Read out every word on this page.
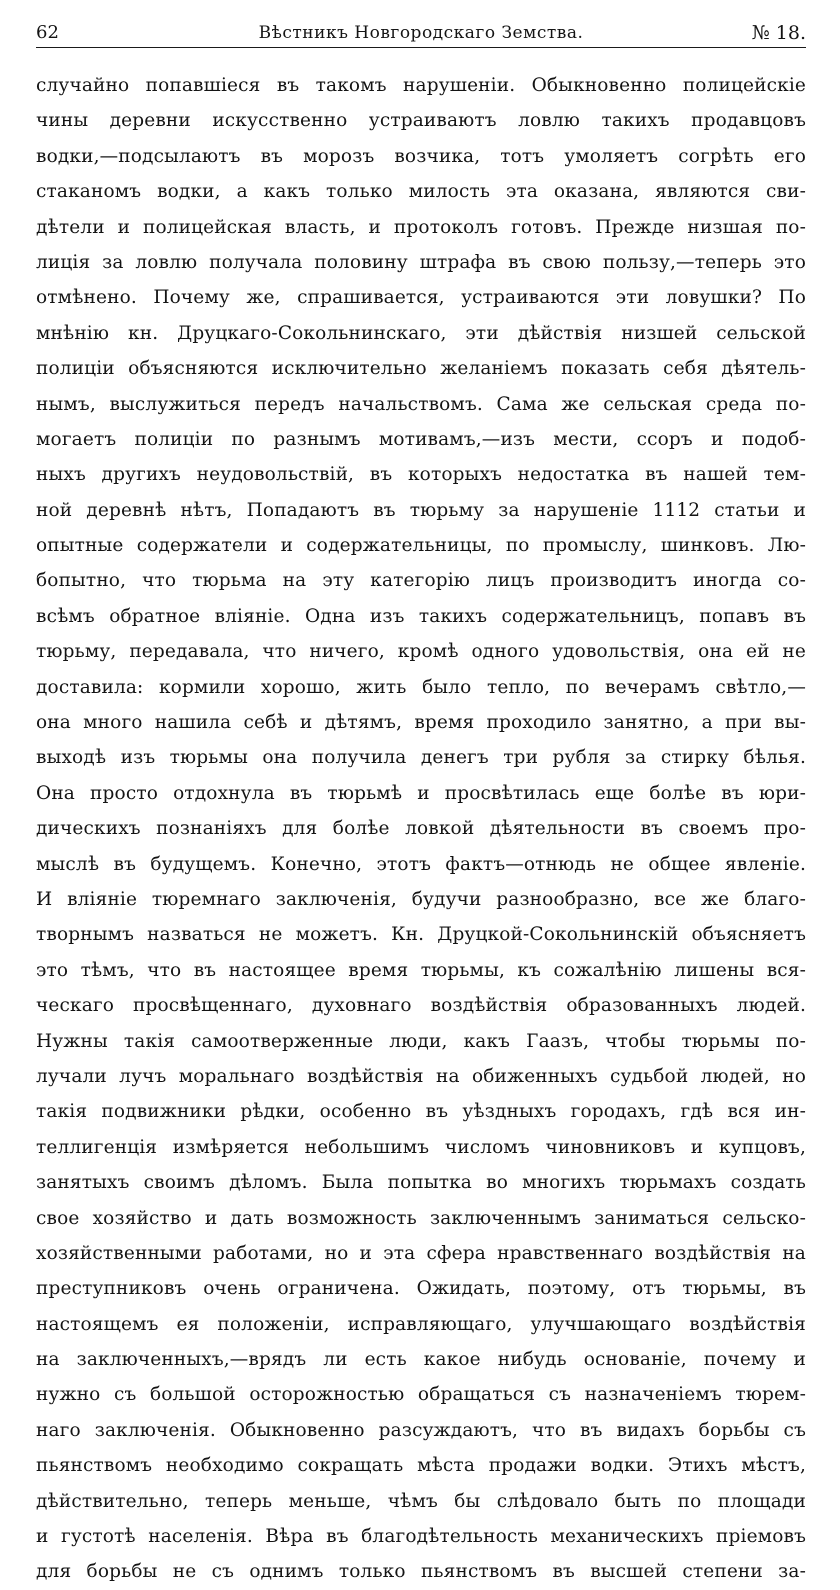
62	Вѣстникъ Новгородскаго Земства.	№ 18.
случайно попавшіеся въ такомъ нарушеніи. Обыкновенно полицейскіе
чины деревни искусственно устраиваютъ ловлю такихъ продавцовъ
водки,—подсылаютъ въ морозъ возчика, тотъ умоляетъ согрѣть его
стаканомъ водки, а какъ только милость эта оказана, являются сви-
дѣтели и полицейская власть, и протоколъ готовъ. Прежде низшая по-
лиція за ловлю получала половину штрафа въ свою пользу,—теперь это
отмѣнено. Почему же, спрашивается, устраиваются эти ловушки? По
мнѣнію кн. Друцкаго-Сокольнинскаго, эти дѣйствія низшей сельской
полиціи объясняются исключительно желаніемъ показать себя дѣятель-
нымъ, выслужиться передъ начальствомъ. Сама же сельская среда по-
могаетъ полиціи по разнымъ мотивамъ,—изъ мести, ссоръ и подоб-
ныхъ другихъ неудовольствій, въ которыхъ недостатка въ нашей тем-
ной деревнѣ нѣтъ, Попадаютъ въ тюрьму за нарушеніе 1112 статьи и
опытные содержатели и содержательницы, по промыслу, шинковъ. Лю-
бопытно, что тюрьма на эту категорію лицъ производитъ иногда со-
всѣмъ обратное вліяніе. Одна изъ такихъ содержательницъ, попавъ въ
тюрьму, передавала, что ничего, кромѣ одного удовольствія, она ей не
доставила: кормили хорошо, жить было тепло, по вечерамъ свѣтло,—
она много нашила себѣ и дѣтямъ, время проходило занятно, а при вы-
выходѣ изъ тюрьмы она получила денегъ три рубля за стирку бѣлья.
Она просто отдохнула въ тюрьмѣ и просвѣтилась еще болѣе въ юри-
дическихъ познаніяхъ для болѣе ловкой дѣятельности въ своемъ про-
мыслѣ въ будущемъ. Конечно, этотъ фактъ—отнюдь не общее явленіе.
И вліяніе тюремнаго заключенія, будучи разнообразно, все же благо-
творнымъ назваться не можетъ. Кн. Друцкой-Сокольнинскій объясняетъ
это тѣмъ, что въ настоящее время тюрьмы, къ сожалѣнію лишены вся-
ческаго просвѣщеннаго, духовнаго воздѣйствія образованныхъ людей.
Нужны такія самоотверженные люди, какъ Гаазъ, чтобы тюрьмы по-
лучали лучъ моральнаго воздѣйствія на обиженныхъ судьбой людей, но
такія подвижники рѣдки, особенно въ уѣздныхъ городахъ, гдѣ вся ин-
теллигенція измѣряется небольшимъ числомъ чиновниковъ и купцовъ,
занятыхъ своимъ дѣломъ. Была попытка во многихъ тюрьмахъ создать
свое хозяйство и дать возможность заключеннымъ заниматься сельско-
хозяйственными работами, но и эта сфера нравственнаго воздѣйствія на
преступниковъ очень ограничена. Ожидать, поэтому, отъ тюрьмы, въ
настоящемъ ея положеніи, исправляющаго, улучшающаго воздѣйствія
на заключенныхъ,—врядъ ли есть какое нибудь основаніе, почему и
нужно съ большой осторожностью обращаться съ назначеніемъ тюрем-
наго заключенія. Обыкновенно разсуждаютъ, что въ видахъ борьбы съ
пьянствомъ необходимо сокращать мѣста продажи водки. Этихъ мѣстъ,
дѣйствительно, теперь меньше, чѣмъ бы слѣдовало быть по площади
и густотѣ населенія. Вѣра въ благодѣтельность механическихъ пріемовъ
для борьбы не съ однимъ только пьянствомъ въ высшей степени за-
